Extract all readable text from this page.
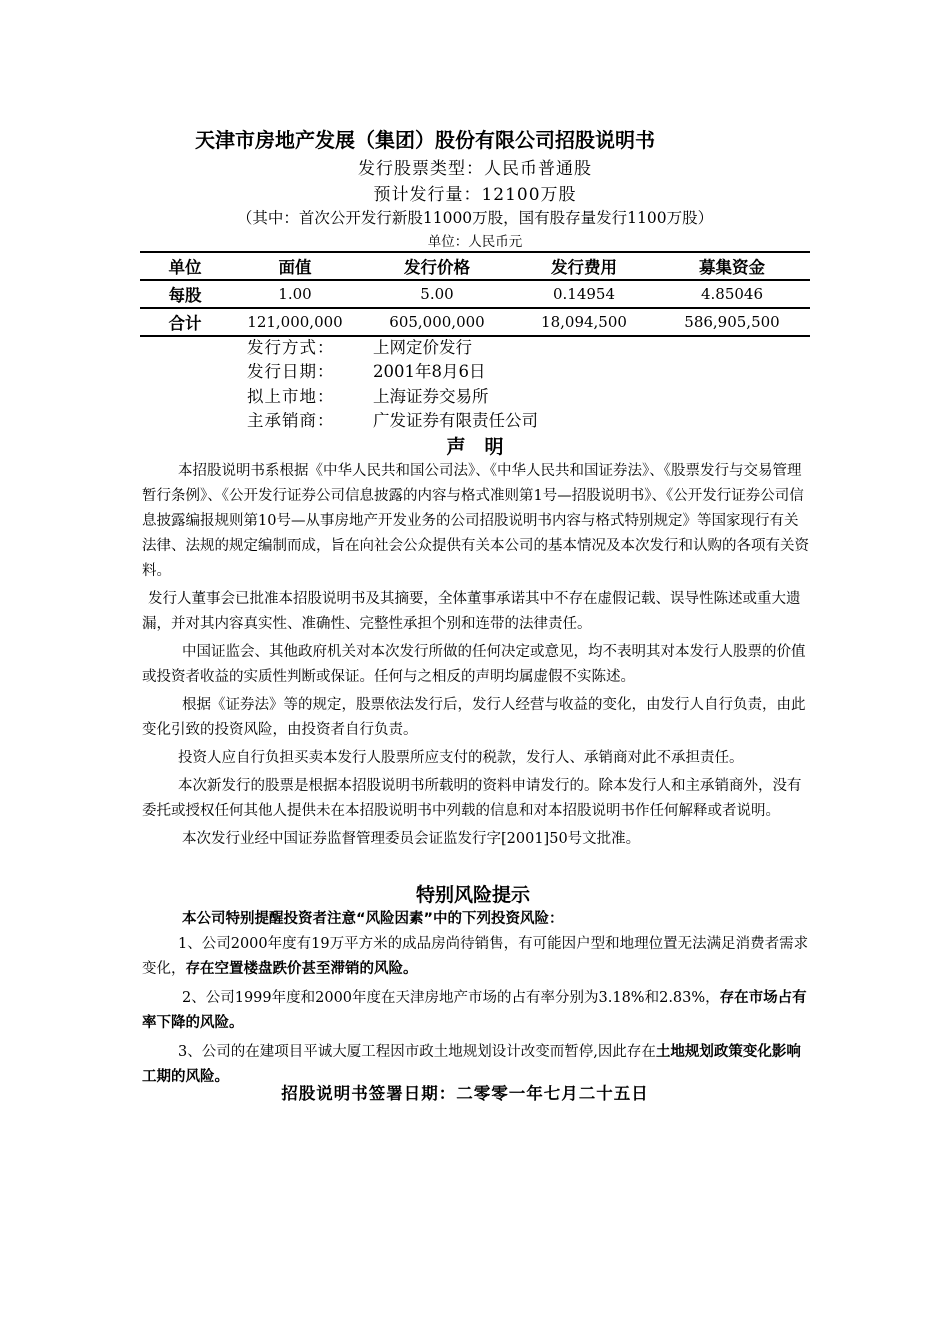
天津市房地产发展（集团）股份有限公司招股说明书
发行股票类型：人民币普通股
预计发行量：12100万股
（其中：首次公开发行新股11000万股，国有股存量发行1100万股）
单位：人民币元
单位	面值	发行价格	发行费用	募集资金
每股	1.00	5.00	0.14954	4.85046
合计	121,000,000	605,000,000	18,094,500	586,905,500
发行方式： 上网定价发行
发行日期： 2001年8月6日
拟上市地： 上海证券交易所
主承销商： 广发证券有限责任公司
声　明

本招股说明书系根据《中华人民共和国公司法》、《中华人民共和国证券法》、《股票发行与交易管理暂行条例》、《公开发行证券公司信息披露的内容与格式准则第1号—招股说明书》、《公开发行证券公司信息披露编报规则第10号—从事房地产开发业务的公司招股说明书内容与格式特别规定》等国家现行有关法律、法规的规定编制而成，旨在向社会公众提供有关本公司的基本情况及本次发行和认购的各项有关资料。

发行人董事会已批准本招股说明书及其摘要，全体董事承诺其中不存在虚假记载、误导性陈述或重大遗漏，并对其内容真实性、准确性、完整性承担个别和连带的法律责任。

中国证监会、其他政府机关对本次发行所做的任何决定或意见，均不表明其对本发行人股票的价值或投资者收益的实质性判断或保证。任何与之相反的声明均属虚假不实陈述。

根据《证券法》等的规定，股票依法发行后，发行人经营与收益的变化，由发行人自行负责，由此变化引致的投资风险，由投资者自行负责。

投资人应自行负担买卖本发行人股票所应支付的税款，发行人、承销商对此不承担责任。

本次新发行的股票是根据本招股说明书所载明的资料申请发行的。除本发行人和主承销商外，没有委托或授权任何其他人提供未在本招股说明书中列载的信息和对本招股说明书作任何解释或者说明。

本次发行业经中国证券监督管理委员会证监发行字[2001]50号文批准。

特别风险提示

本公司特别提醒投资者注意“风险因素”中的下列投资风险：

1、公司2000年度有19万平方米的成品房尚待销售，有可能因户型和地理位置无法满足消费者需求变化，存在空置楼盘跌价甚至滞销的风险。

2、公司1999年度和2000年度在天津房地产市场的占有率分别为3.18%和2.83%，存在市场占有率下降的风险。

3、公司的在建项目平诚大厦工程因市政土地规划设计改变而暂停,因此存在土地规划政策变化影响工期的风险。

招股说明书签署日期：二零零一年七月二十五日
